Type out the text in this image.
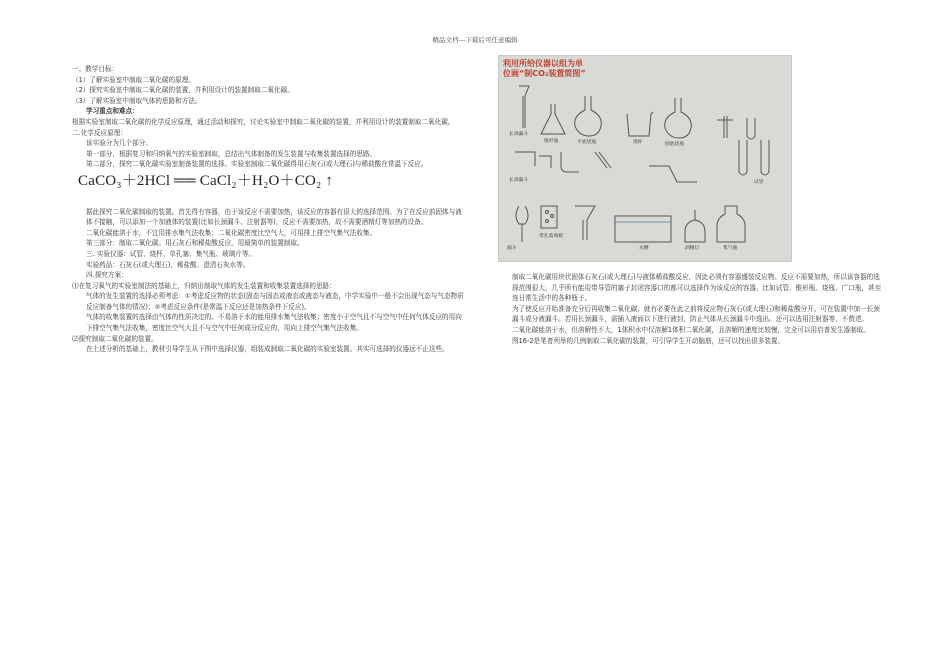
精品文档---下载后可任意编辑

一、教学目标：

（1）了解实验室中制取二氧化碳的原理。

（2）探究实验室中制取二氧化碳的装置，并利用设计的装置制取二氧化碳。

（3）了解实验室中制取气体的思路和方法。

学习重点和难点：

根据实验室制取二氧化碳的化学反应原理，通过活动和探究，讨论实验室中制取二氧化碳的装置，并利用设计的装置制取二氧化碳。

二.化学反应原理：

该实验分为几个部分。

第一部分，根据复习和归纳氧气的实验室制取，总结出气体制备的发生装置与收集装置选择的思路。

第二部分，探究二氧化碳实验室制备装置的选择。实验室制取二氧化碳得用石灰石(或大理石)与稀盐酸在常温下反应。

CaCO₃＋2HCl ══ CaCl₂＋H₂O＋CO₂ ↑

据此探究二氧化碳制取的装置。首先得有容器，由于该反应不需要加热，该反应的容器有很大的选择范围。为了在反应前固体与液体不接触，可以添加一个加液体的装置(比如长颈漏斗、注射器等)，反应不需要加热，故不需要酒精灯等加热的设备。

二氧化碳能溶于水，不宜用排水集气法收集；二氧化碳密度比空气大，可用排上排空气集气法收集。

第三部分：制取二氧化碳。用石灰石和稀盐酸反应，用最简单的装置制取。

三. 实验仪器：试管、烧杯、单孔塞、集气瓶、玻璃片等。

实验药品：石灰石(或大理石)、稀盐酸、澄清石灰水等。

四.探究方案：

⑴在复习氧气的实验室制法的基础上，归纳出制取气体的发生装置和收集装置选择的思路：

气体的发生装置的选择必须考虑：①考虑反应物的状态(固态与固态或液态或液态与液态，中学实验中一般不会出现气态与气态物质反应制备气体的情况)；②考虑反应条件(是常温下反应还是加热条件下反应)。

气体的收集装置的选择由气体的性质决定的。不易溶于水的能用排水集气法收集；密度小于空气且不与空气中任何气体反应的用向下排空气集气法收集，密度比空气大且不与空气中任何成分反应的，用向上排空气集气法收集。

⑵探究制取二氧化碳的装置。

在上述分析的基础上，教材引导学生从下图中选择仪器，组装成制取二氧化碳的实验室装置。其实可选择的仪器远不止这些。

利用所给仪器以组为单
位画“制CO₂装置简图”
长颈漏斗
锥形瓶	平底烧瓶	烧杯	圆底烧瓶
长颈漏斗	试管
漏斗
带孔玻璃板
水槽	酒精灯	集气瓶

制取二氧化碳用块状固体石灰石(或大理石)与液体稀盐酸反应，因此必须有容器盛装反应物。反应不需要加热，所以该容器的选择范围很大，几乎所有能用带导管的塞子封闭容器口的都可以选择作为该反应的容器。比如试管、锥形瓶、烧瓶、广口瓶，甚至连日常生活中的各种瓶子。

为了使反应开始准备充分后再收集二氧化碳，就有必要在此之前将反应物石灰石(或大理石)和稀盐酸分开。可在装置中加一长颈漏斗或分液漏斗。若用长颈漏斗，需插入液面以下进行液封，防止气体从长颈漏斗中逸出。还可以选用注射器等，不赘述。

二氧化碳能溶于水，但溶解性不大，1体积水中仅溶解1体积二氧化碳，且溶解的速度比较慢，完全可以用启普发生器制取。

图16-2是笔者列举的几例制取二氧化碳的装置，可引导学生开动脑筋，还可以找出很多装置。
